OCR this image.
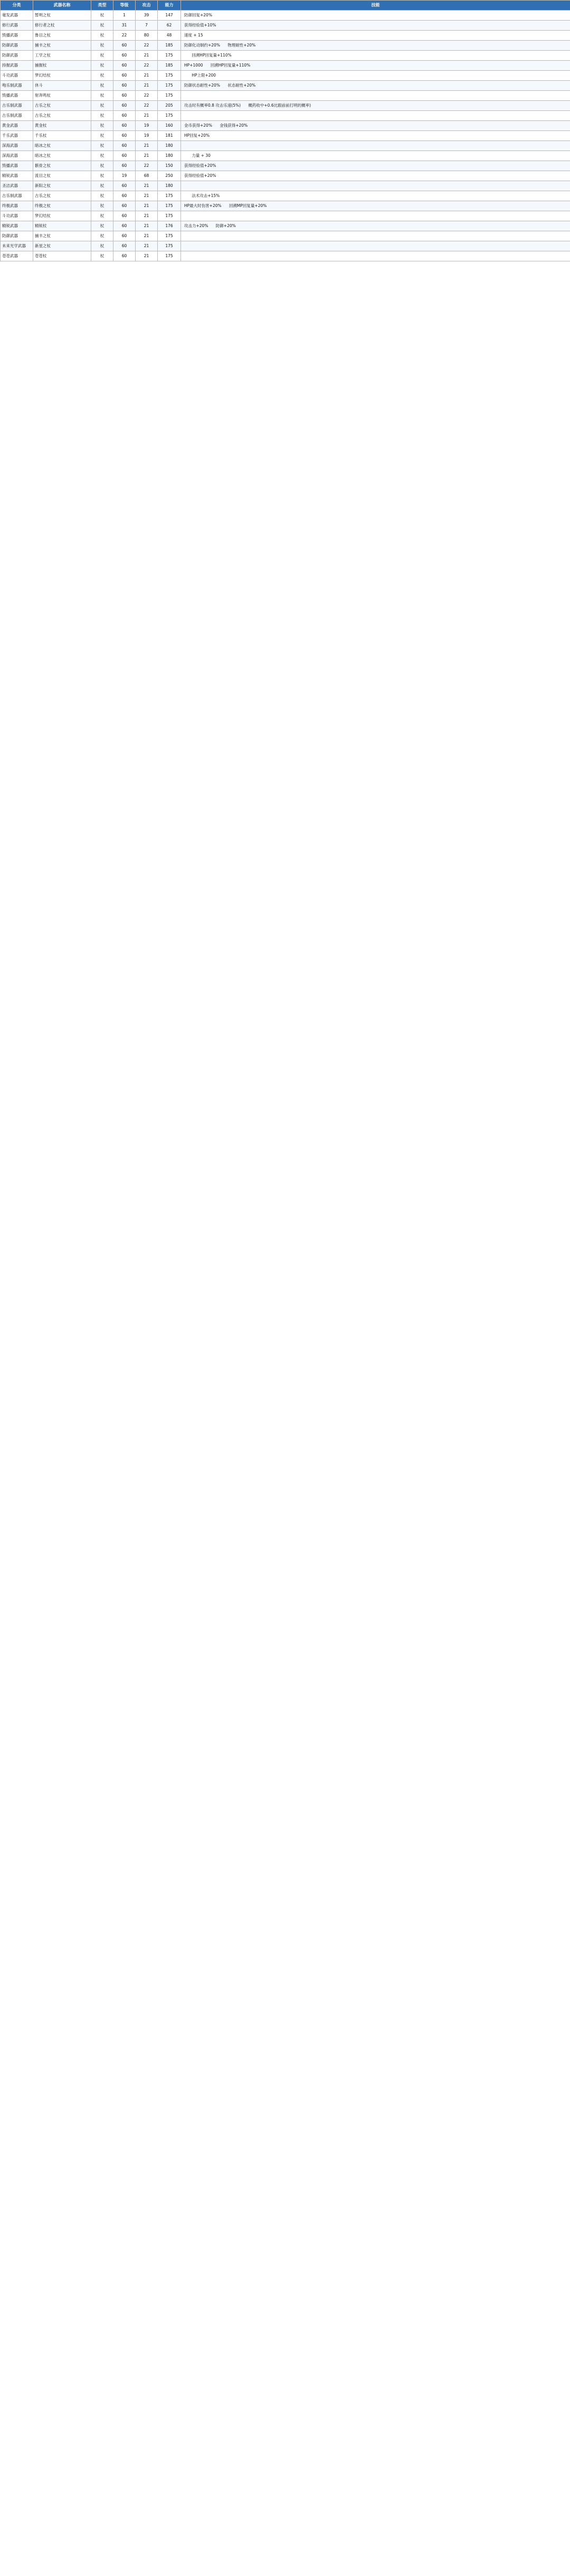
分类	武器名称	类型	等级	攻击	能力	技能
毫发武器	暂明之杖	杖	1	39	147	防御回复+20%
修行武器	修行者之杖	杖	31	7	62	获得经验值+10%
毁播武器	鲁目之杖	杖	22	80	48	速度 + 15
防御武器	捕丰之杖	杖	60	22	185	防御化动制约+20% 物理耐性+20%
防御武器	工学之杖	杖	60	21	175	回溯HP回复量+110%
持握武器	捕握杖	杖	60	22	185	HP+1000 回溯HP回复量+110%
斗功武器	梦幻结杖	杖	60	21	175	HP上限+200
咆乐制武器	休斗	杖	60	21	175	防御状态耐性+20% 状态耐性+20%
毁播武器	射奔鸣杖	杖	60	22	175	
古乐制武器	古乐之杖	杖	60	22	205	攻击时有概率0.8 攻击乐速(5%) 概药收中+0.6比跟前前打明的概率)
古乐制武器	古乐之杖	杖	60	21	175	
黄金武器	黄金杖	杖	60	19	160	金币获得+20% 金钱获得+20%
千乐武器	千乐杖	杖	60	19	181	HP回复+20%
深海武器	暗冰之杖	杖	60	21	180	
深海武器	暗冰之杖	杖	60	21	180	力量 + 30
毁播武器	骸骨之杖	杖	60	22	150	获得经验值+20%
精锐武器	流目之杖	杖	19	68	250	获得经验值+20%
圣洁武器	新阳之杖	杖	60	21	180	
古乐制武器	古乐之杖	杖	60	21	175	法术攻击+15%
终极武器	终极之杖	杖	60	21	175	HP最大时伤害+20% 回溯MP回复量+20%
斗功武器	梦幻结杖	杖	60	21	175	
精锐武器	精锐杖	杖	60	21	176	攻击力+20% 防御+20%
防御武器	捕丰之杖	杖	60	21	175	
未来光学武器	新星之杖	杖	60	21	175	
苍苍武器	苍苍杖	杖	60	21	175	
